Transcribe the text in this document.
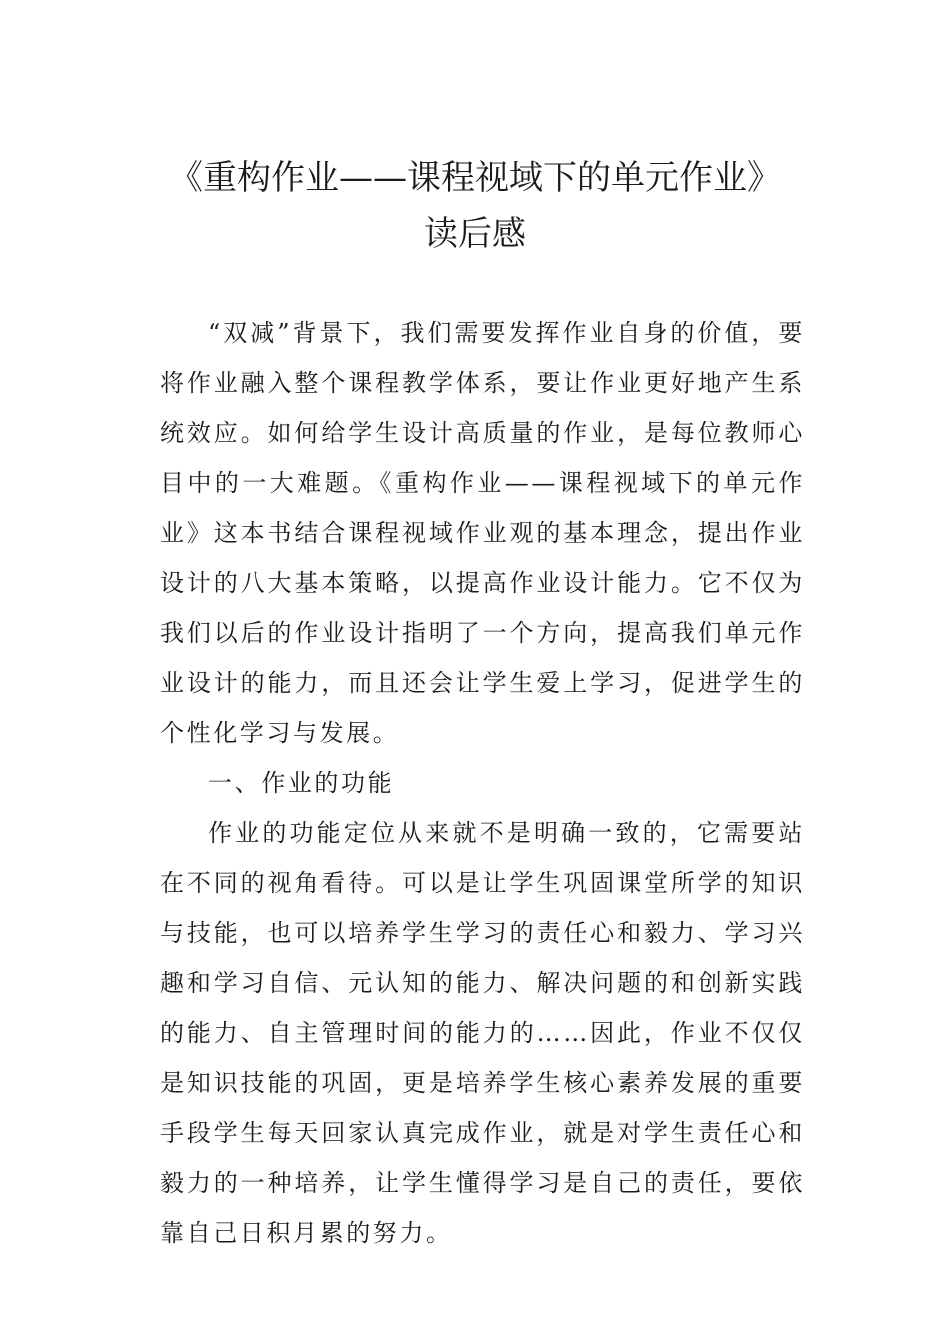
《重构作业——课程视域下的单元作业》
读后感

“双减”背景下，我们需要发挥作业自身的价值，要将作业融入整个课程教学体系，要让作业更好地产生系统效应。如何给学生设计高质量的作业，是每位教师心目中的一大难题。《重构作业——课程视域下的单元作业》这本书结合课程视域作业观的基本理念，提出作业设计的八大基本策略，以提高作业设计能力。它不仅为我们以后的作业设计指明了一个方向，提高我们单元作业设计的能力，而且还会让学生爱上学习，促进学生的个性化学习与发展。

一、作业的功能

作业的功能定位从来就不是明确一致的，它需要站在不同的视角看待。可以是让学生巩固课堂所学的知识与技能，也可以培养学生学习的责任心和毅力、学习兴趣和学习自信、元认知的能力、解决问题的和创新实践的能力、自主管理时间的能力的……因此，作业不仅仅是知识技能的巩固，更是培养学生核心素养发展的重要手段学生每天回家认真完成作业，就是对学生责任心和毅力的一种培养，让学生懂得学习是自己的责任，要依靠自己日积月累的努力。
